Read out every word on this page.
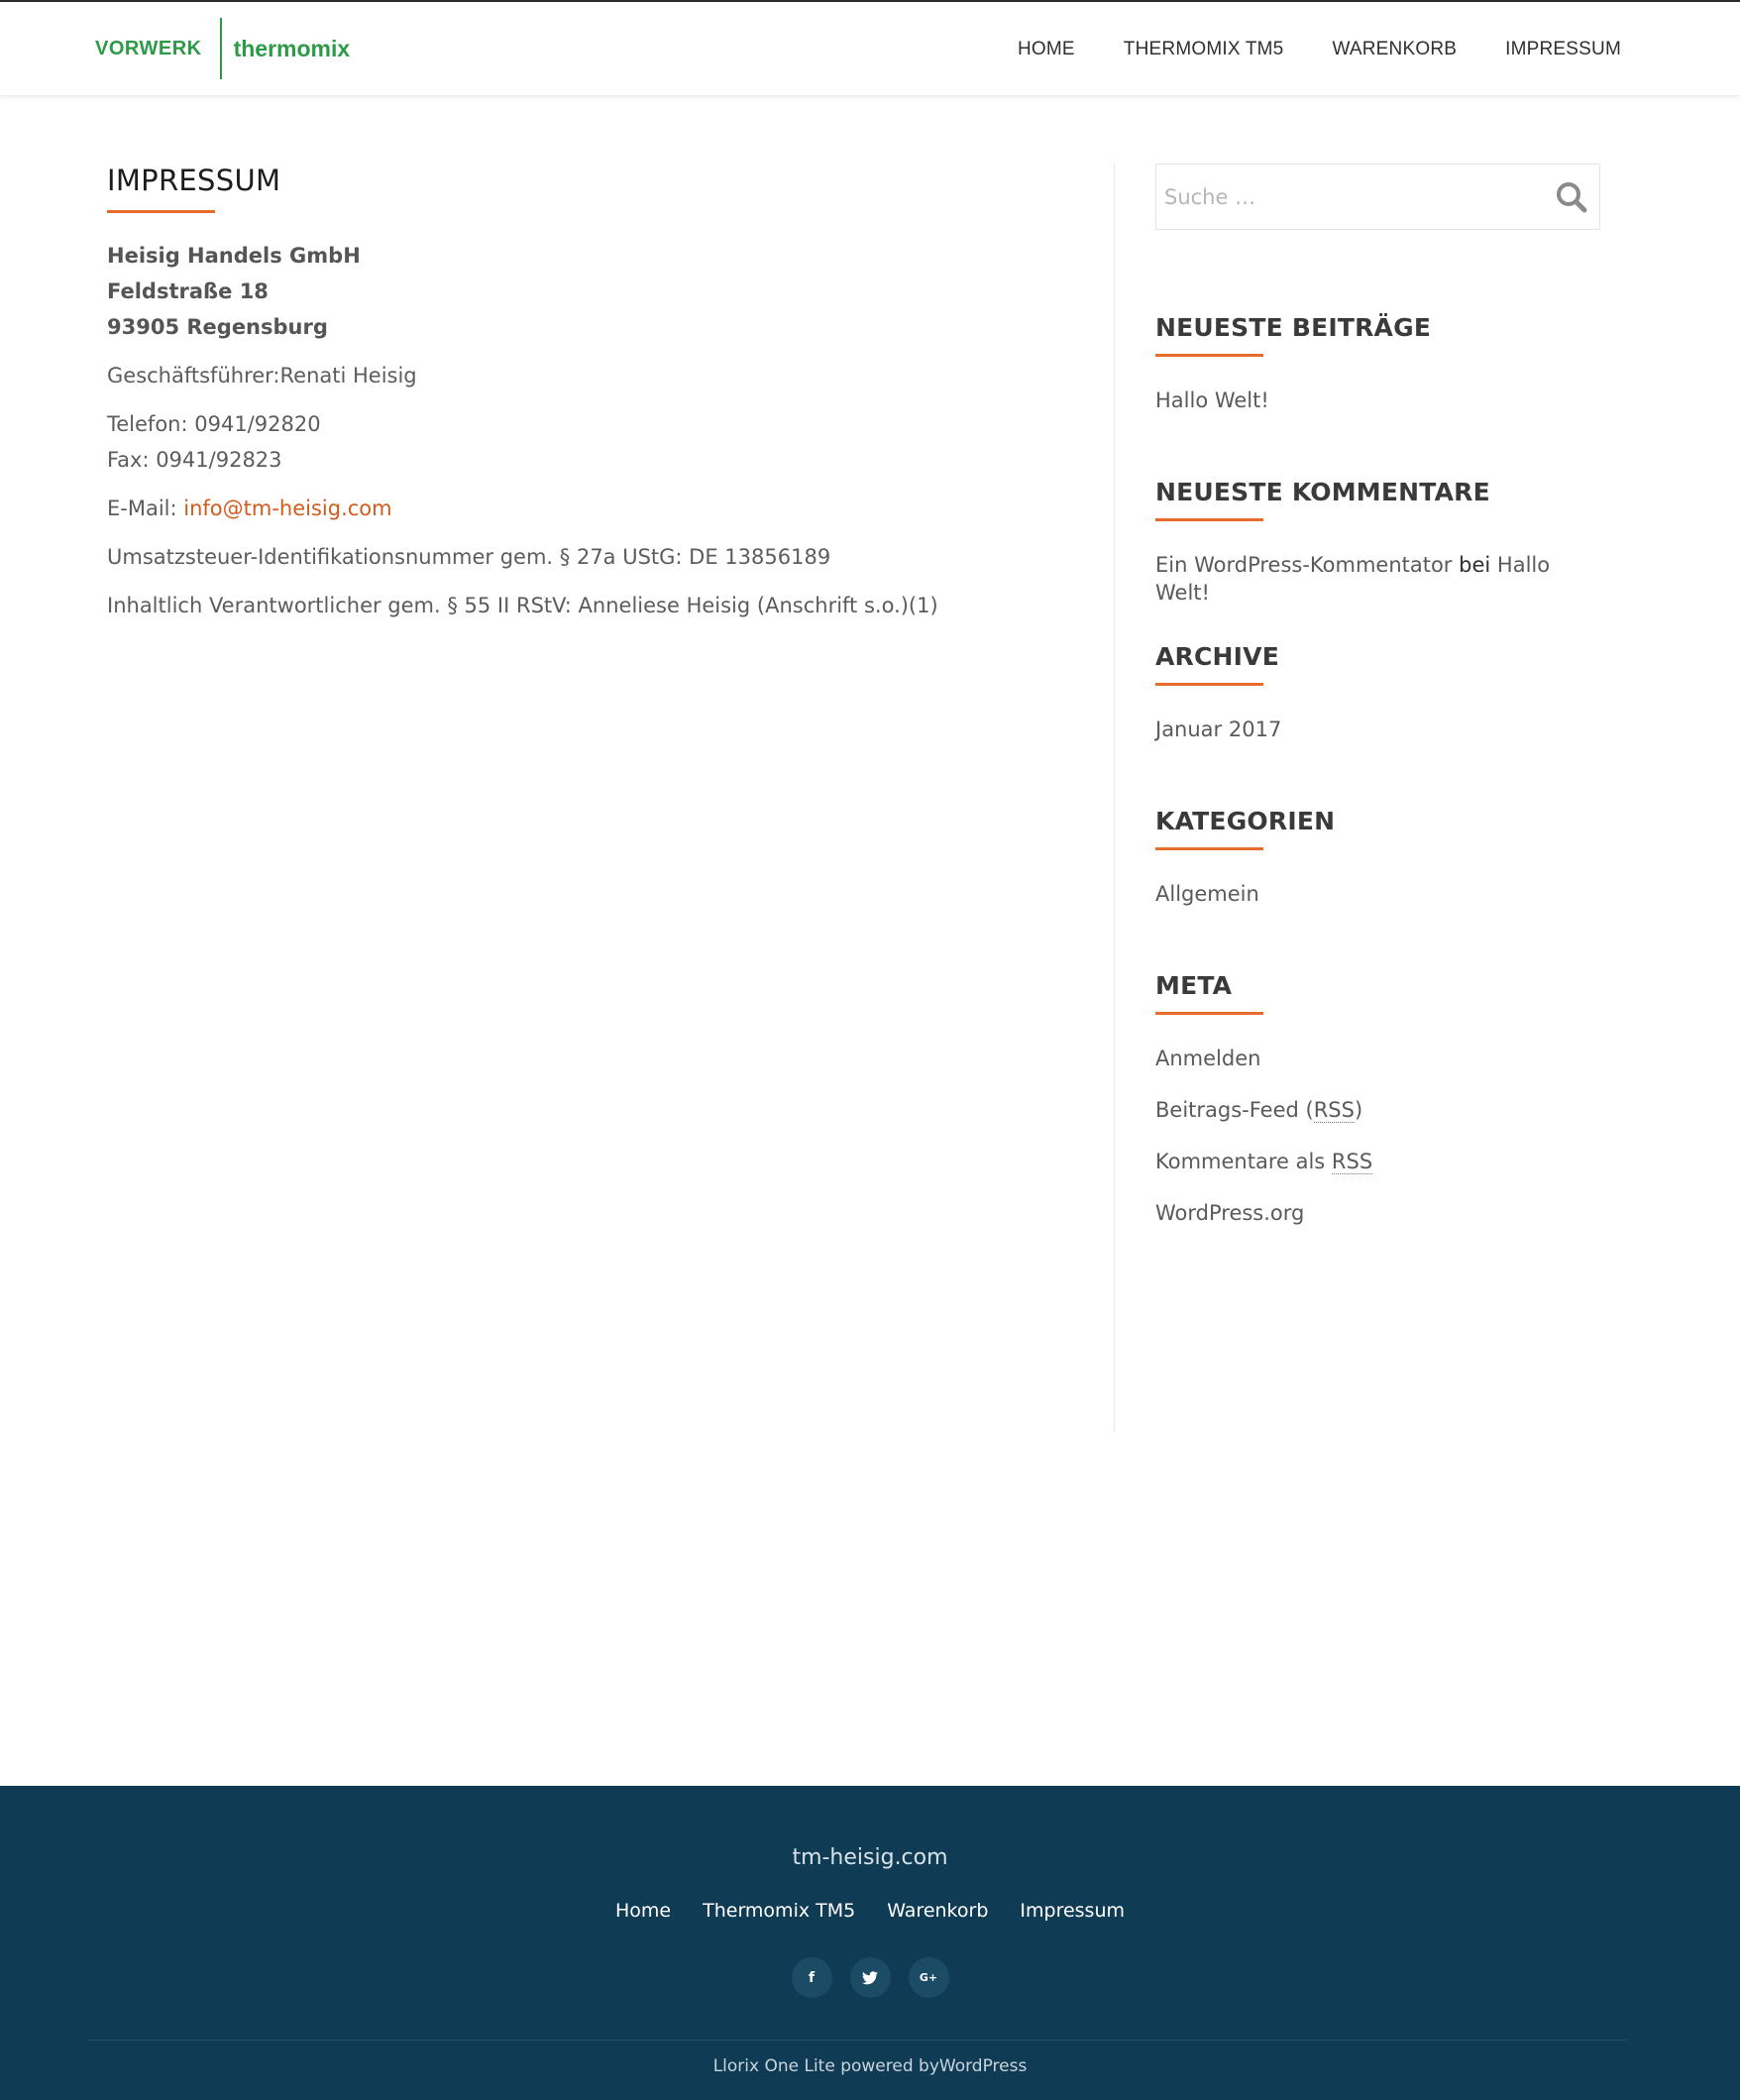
VORWERK	thermomix	HOME	THERMOMIX TM5	WARENKORB	IMPRESSUM
IMPRESSUM

Heisig Handels GmbH
Feldstraße 18
93905 Regensburg

Geschäftsführer:Renati Heisig

Telefon: 0941/92820
Fax: 0941/92823

E-Mail: info@tm-heisig.com

Umsatzsteuer-Identifikationsnummer gem. § 27a UStG: DE 13856189

Inhaltlich Verantwortlicher gem. § 55 II RStV: Anneliese Heisig (Anschrift s.o.)(1)

Suche …
NEUESTE BEITRÄGE
Hallo Welt!
NEUESTE KOMMENTARE
Ein WordPress-Kommentator bei Hallo Welt!
ARCHIVE
Januar 2017
KATEGORIEN
Allgemein
META
Anmelden
Beitrags-Feed (RSS)
Kommentare als RSS
WordPress.org
tm-heisig.com
Home Thermomix TM5 Warenkorb Impressum
f	G+
Llorix One Lite powered byWordPress
